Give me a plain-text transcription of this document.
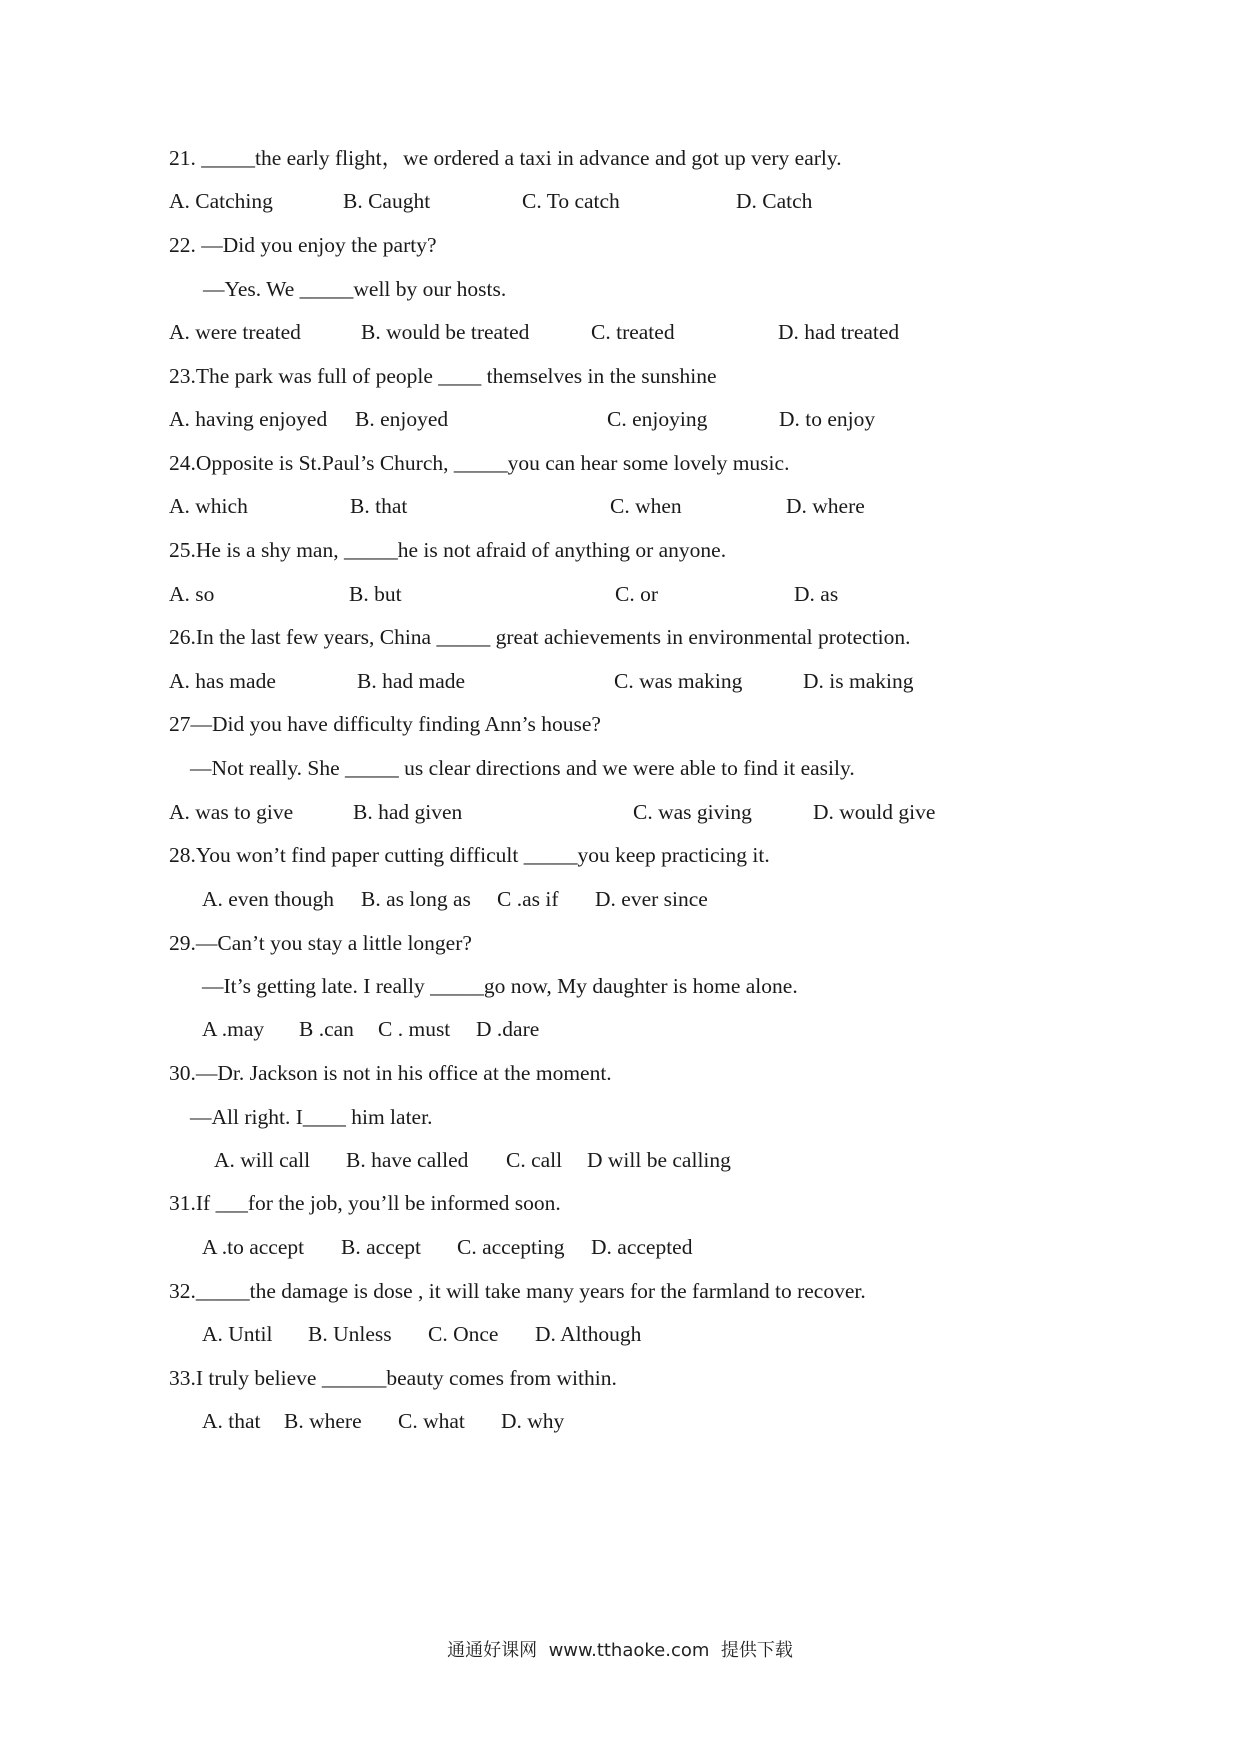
21. _____the early flight，we ordered a taxi in advance and got up very early.
A. Catching	B. Caught	C. To catch	D. Catch
22. —Did you enjoy the party?
—Yes. We _____well by our hosts.
A. were treated	B. would be treated	C. treated	D. had treated
23.The park was full of people ____ themselves in the sunshine
A. having enjoyed B. enjoyed	C. enjoying	D. to enjoy
24.Opposite is St.Paul’s Church, _____you can hear some lovely music.
A. which	B. that	C. when	D. where
25.He is a shy man, _____he is not afraid of anything or anyone.
A. so	B. but	C. or	D. as
26.In the last few years, China _____ great achievements in environmental protection.
A. has made	B. had made	C. was making	D. is making
27—Did you have difficulty finding Ann’s house?
—Not really. She _____ us clear directions and we were able to find it easily.
A. was to give	B. had given	C. was giving	D. would give
28.You won’t find paper cutting difficult _____you keep practicing it.
A. even though B. as long as C .as if D. ever since
29.—Can’t you stay a little longer?
—It’s getting late. I really _____go now, My daughter is home alone.
A .may B .can C . must D .dare
30.—Dr. Jackson is not in his office at the moment.
—All right. I____ him later.
A. will call B. have called C. call D will be calling
31.If ___for the job, you’ll be informed soon.
A .to accept B. accept C. accepting D. accepted
32._____the damage is dose , it will take many years for the farmland to recover.
A. Until B. Unless C. Once D. Although
33.I truly believe ______beauty comes from within.
A. that B. where C. what D. why
通通好课网  www.tthaoke.com  提供下载
